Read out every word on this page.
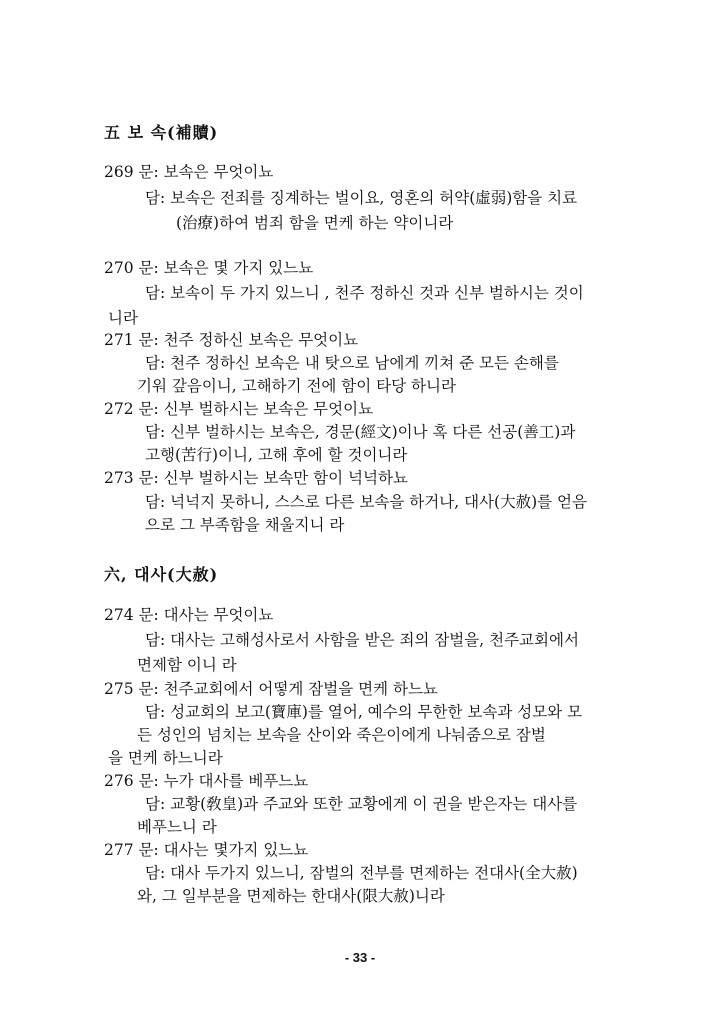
五 보 속(補贖)
269 문: 보속은 무엇이뇨
담: 보속은 전죄를 징계하는 벌이요, 영혼의 허약(虛弱)함을 치료
(治療)하여 범죄 함을 면케 하는 약이니라
270 문: 보속은 몇 가지 있느뇨
담: 보속이 두 가지 있느니 , 천주 정하신 것과 신부 벌하시는 것이
니라
271 문: 천주 정하신 보속은 무엇이뇨
담: 천주 정하신 보속은 내 탓으로 남에게 끼쳐 준 모든 손해를
기워 갚음이니, 고해하기 전에 함이 타당 하니라
272 문: 신부 벌하시는 보속은 무엇이뇨
담: 신부 벌하시는 보속은, 경문(經文)이나 혹 다른 선공(善工)과
고행(苦行)이니, 고해 후에 할 것이니라
273 문: 신부 벌하시는 보속만 함이 넉넉하뇨
담: 넉넉지 못하니, 스스로 다른 보속을 하거나, 대사(大赦)를 얻음
으로 그 부족함을 채울지니 라
六, 대사(大赦)
274 문: 대사는 무엇이뇨
담: 대사는 고해성사로서 사함을 받은 죄의 잠벌을, 천주교회에서
면제함 이니 라
275 문: 천주교회에서 어떻게 잠벌을 면케 하느뇨
담: 성교회의 보고(寶庫)를 열어, 예수의 무한한 보속과 성모와 모
든 성인의 넘치는 보속을 산이와 죽은이에게 나눠줌으로 잠벌
을 면케 하느니라
276 문: 누가 대사를 베푸느뇨
담: 교황(敎皇)과 주교와 또한 교황에게 이 권을 받은자는 대사를
베푸느니 라
277 문: 대사는 몇가지 있느뇨
담: 대사 두가지 있느니, 잠벌의 전부를 면제하는 전대사(全大赦)
와, 그 일부분을 면제하는 한대사(限大赦)니라
- 33 -
